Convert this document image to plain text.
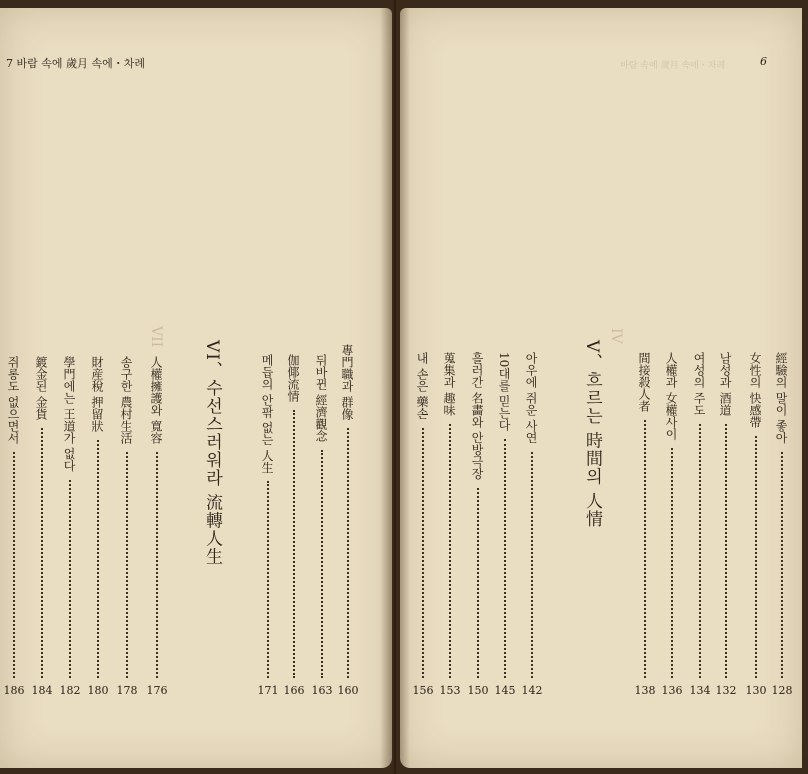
7 바람 속에 歲月 속에・차례	6
바람 속에 歲月 속에・차례
VII	IV
VI、수선스러워라 流轉人生	V、흐르는 時間의 人情
專門職과 群像
160
뒤바뀐 經濟觀念
163
伽倻流情
166
메듭의 안팎 없는 人生
171
人權擁護와 寬容
176
송구한 農村生活
178
財産稅 押留狀
180
學門에는 王道가 없다
182
鍍金된 金貨
184
쥐롱도 없으면서
186
經驗의 말이 좋아
128
女性의 快感帶
130
남성과 酒道
132
여성의 주도
134
人權과 女權사이
136
間接殺人者
138
아우에 쥐운 사연
142
10대를 믿는다
145
흘러간 名畵와 안방극장
150
蒐集과 趣味
153
내 손은 藥손
156
